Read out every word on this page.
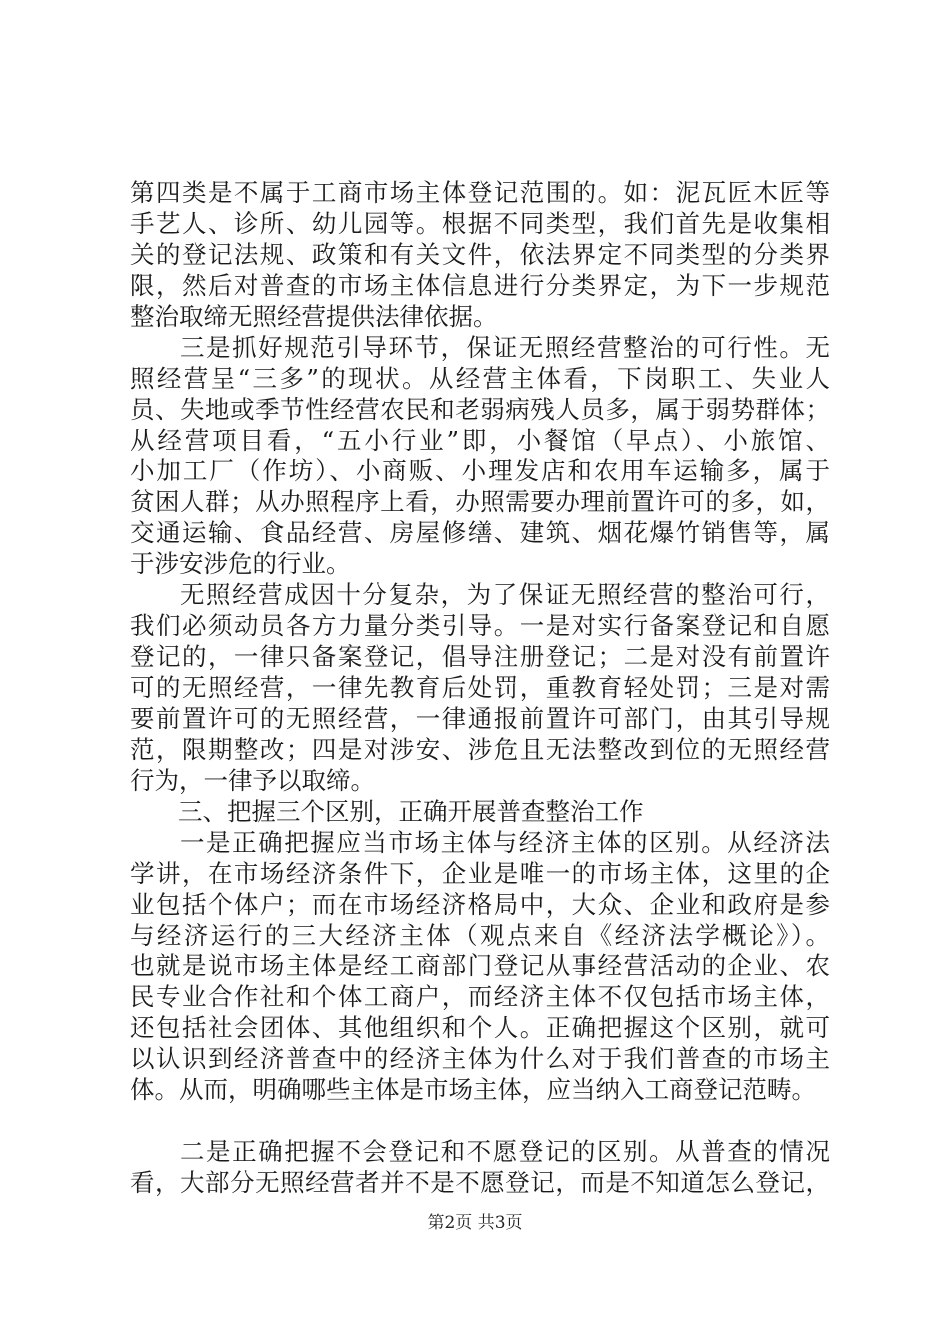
第四类是不属于工商市场主体登记范围的。如：泥瓦匠木匠等
手艺人、诊所、幼儿园等。根据不同类型，我们首先是收集相
关的登记法规、政策和有关文件，依法界定不同类型的分类界
限，然后对普查的市场主体信息进行分类界定，为下一步规范
整治取缔无照经营提供法律依据。
三是抓好规范引导环节，保证无照经营整治的可行性。无
照经营呈“三多”的现状。从经营主体看，下岗职工、失业人
员、失地或季节性经营农民和老弱病残人员多，属于弱势群体；
从经营项目看，“五小行业”即，小餐馆（早点）、小旅馆、
小加工厂（作坊）、小商贩、小理发店和农用车运输多，属于
贫困人群；从办照程序上看，办照需要办理前置许可的多，如，
交通运输、食品经营、房屋修缮、建筑、烟花爆竹销售等，属
于涉安涉危的行业。
无照经营成因十分复杂，为了保证无照经营的整治可行，
我们必须动员各方力量分类引导。一是对实行备案登记和自愿
登记的，一律只备案登记，倡导注册登记；二是对没有前置许
可的无照经营，一律先教育后处罚，重教育轻处罚；三是对需
要前置许可的无照经营，一律通报前置许可部门，由其引导规
范，限期整改；四是对涉安、涉危且无法整改到位的无照经营
行为，一律予以取缔。
三、把握三个区别，正确开展普查整治工作
一是正确把握应当市场主体与经济主体的区别。从经济法
学讲，在市场经济条件下，企业是唯一的市场主体，这里的企
业包括个体户；而在市场经济格局中，大众、企业和政府是参
与经济运行的三大经济主体（观点来自《经济法学概论》）。
也就是说市场主体是经工商部门登记从事经营活动的企业、农
民专业合作社和个体工商户，而经济主体不仅包括市场主体，
还包括社会团体、其他组织和个人。正确把握这个区别，就可
以认识到经济普查中的经济主体为什么对于我们普查的市场主
体。从而，明确哪些主体是市场主体，应当纳入工商登记范畴。
第2页 共3页
二是正确把握不会登记和不愿登记的区别。从普查的情况
看，大部分无照经营者并不是不愿登记，而是不知道怎么登记，
